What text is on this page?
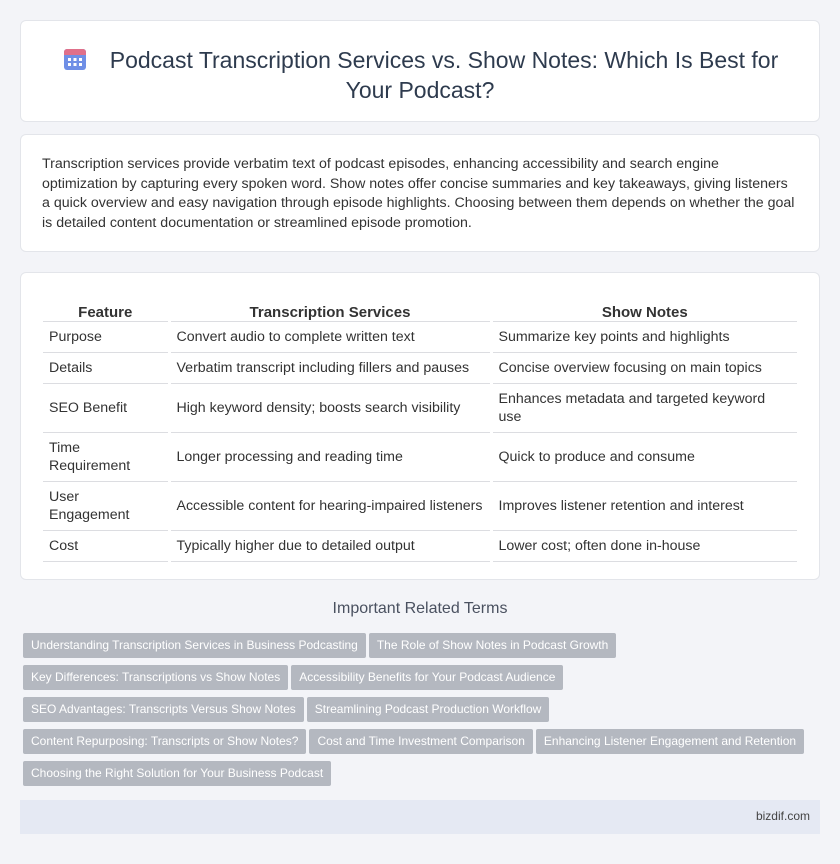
Podcast Transcription Services vs. Show Notes: Which Is Best for Your Podcast?

Transcription services provide verbatim text of podcast episodes, enhancing accessibility and search engine optimization by capturing every spoken word. Show notes offer concise summaries and key takeaways, giving listeners a quick overview and easy navigation through episode highlights. Choosing between them depends on whether the goal is detailed content documentation or streamlined episode promotion.

Feature	Transcription Services	Show Notes
Purpose	Convert audio to complete written text	Summarize key points and highlights
Details	Verbatim transcript including fillers and pauses	Concise overview focusing on main topics
SEO Benefit	High keyword density; boosts search visibility	Enhances metadata and targeted keyword use
Time Requirement	Longer processing and reading time	Quick to produce and consume
User Engagement	Accessible content for hearing-impaired listeners	Improves listener retention and interest
Cost	Typically higher due to detailed output	Lower cost; often done in-house
Important Related Terms
Understanding Transcription Services in Business Podcasting The Role of Show Notes in Podcast Growth
Key Differences: Transcriptions vs Show Notes Accessibility Benefits for Your Podcast Audience
SEO Advantages: Transcripts Versus Show Notes Streamlining Podcast Production Workflow
Content Repurposing: Transcripts or Show Notes? Cost and Time Investment Comparison Enhancing Listener Engagement and Retention
Choosing the Right Solution for Your Business Podcast
bizdif.com
